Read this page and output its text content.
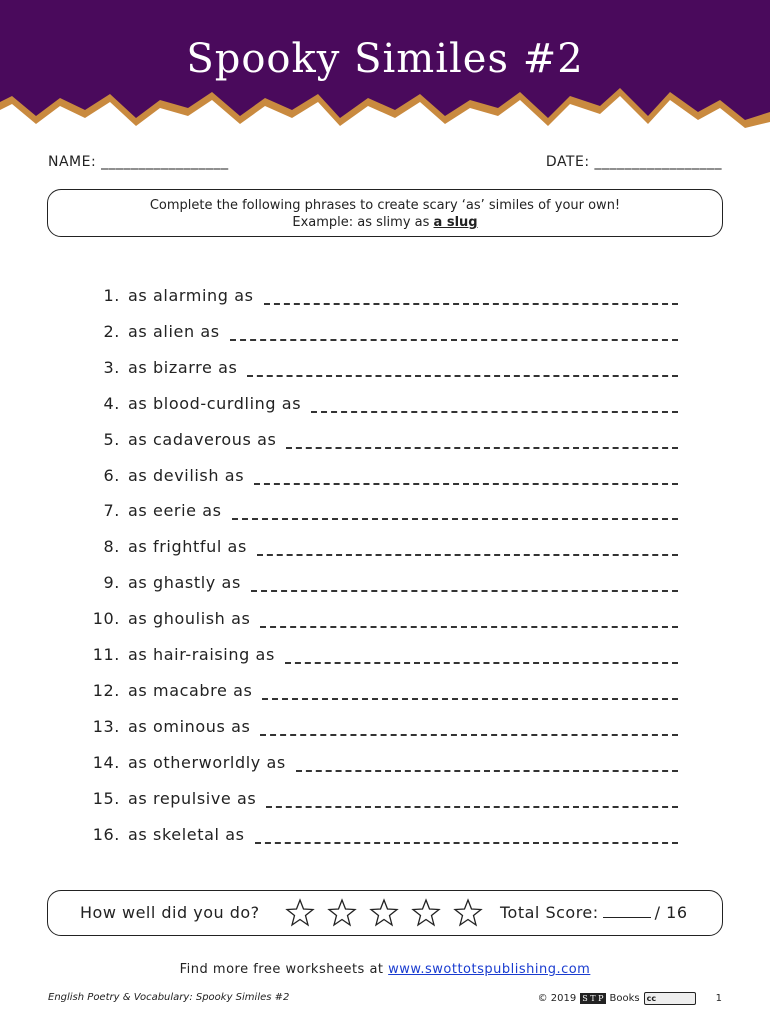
Spooky Similes #2
NAME: _________________	DATE: _________________
Complete the following phrases to create scary ‘as’ similes of your own!
Example: as slimy as a slug
1. as alarming as
2. as alien as
3. as bizarre as
4. as blood-curdling as
5. as cadaverous as
6. as devilish as
7. as eerie as
8. as frightful as
9. as ghastly as
10. as ghoulish as
11. as hair-raising as
12. as macabre as
13. as ominous as
14. as otherworldly as
15. as repulsive as
16. as skeletal as
How well did you do?	Total Score:	/ 16
Find more free worksheets at www.swottotspublishing.com
English Poetry & Vocabulary: Spooky Similes #2	© 2019 S T P Books cc	1
